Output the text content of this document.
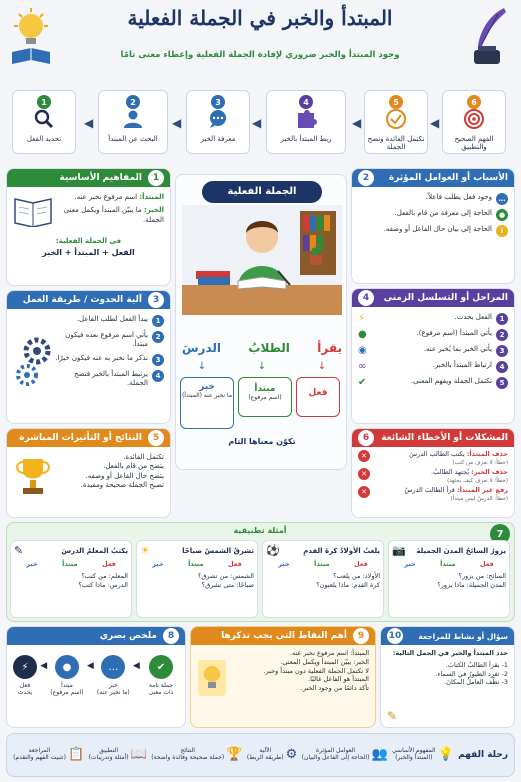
المبتدأ والخبر في الجملة الفعلية
وجود المبتدأ والخبر ضروري لإفادة الجملة الفعلية وإعطاء معنى تامًا
6
الفهم الصحيح والتطبيق
◀
5
تكتمل الفائدة وتصح الجملة
◀
4
ربط المبتدأ بالخبر
◀
3
معرفة الخبر
◀
2
البحث عن المبتدأ
◀
1
تحديد الفعل
1
المفاهيم الأساسية
المبتدأ: اسم مرفوع نخبر عنه.
الخبر: ما يبيّن المبتدأ ويكمل معنى الجملة.
في الجملة الفعلية:
الفعل + المبتدأ + الخبر
الجملة الفعلية
يقرأ
الطلابُ
الدرسَ
↓
↓
↓
فعل
مبتدأ
(اسم مرفوع)
خبر
ما نخبر عنه (المبتدأ)
تكوّن معناها التام
2	الأسباب أو العوامل المؤثرة
…
وجود فعل يطلب فاعلاً.
●
الحاجة إلى معرفة من قام بالفعل.
i
الحاجة إلى بيان حال الفاعل أو وصفه.
3
آلية الحدوث / طريقة العمل
1
يبدأ الفعل لطلب الفاعل.
2
يأتي اسم مرفوع بعده فيكون مبتدأ.
3
نذكر ما نخبر به عنه فيكون خبرًا.
4
يرتبط المبتدأ بالخبر فتصح الجملة.
4	المراحل أو التسلسل الزمني
1
الفعل يحدث.
⚡
2
يأتي المبتدأ (اسم مرفوع).
●
3
يأتي الخبر بما يُخبر عنه.
◉
4
ارتباط المبتدأ بالخبر.
∞
5
تكتمل الجملة ويفهم المعنى.
✔
5
النتائج أو التأثيرات المباشرة
تكتمل الفائدة.
يتضح من قام بالفعل.
يتضح حال الفاعل أو وصفه.
تصبح الجملة صحيحة ومفيدة.
6	المشكلات أو الأخطاء الشائعة
حذف المبتدأ: يكتب الطالب الدرسَ
(خطأ: لا نعرف من كتب)
✕
حذف الخبر: يُجتهد الطالبُ.
(خطأ: لا نعرف كيف يجتهد)
✕
رفع غير المبتدأ: قرأ الطالبَ الدرسُ
(خطأ: الدرسُ ليس مبتدأ)
✕
7
أمثلة تطبيقية
يزورُ السائحُ المدنَ الجميلةَ
📷
فعل
مبتدأ
خبر
السائح: من يزور؟
المدن الجميلة: ماذا يزور؟
يلعبُ الأولادُ كرةَ القدمِ
⚽
فعل
مبتدأ
خبر
الأولاد: من يلعب؟
كرة القدم: ماذا يلعبون؟
تشرقُ الشمسُ صباحًا
☀
فعل
مبتدأ
خبر
الشمس: من تشرق؟
صباحًا: متى تشرق؟
يكتبُ المعلمُ الدرسَ
✎
فعل
مبتدأ
خبر
المعلم: من كتب؟
الدرس: ماذا كتب؟
8
ملخص بصري
✔
جملة تامة ذات معنى
◀
…
خبر
(ما نخبر عنه)
◀
●
مبتدأ
(اسم مرفوع)
◀
⚡
فعل
يحدث
9
أهم النقاط التي يجب تذكرها
المبتدأ: اسم مرفوع نخبر عنه.
الخبر: يبيّن المبتدأ ويكمل المعنى.
لا تكتمل الجملة الفعلية دون مبتدأ وخبر.
المبتدأ هو الفاعل غالبًا.
تأكد دائمًا من وجود الخبر.
10	سؤال أو نشاط للمراجعة
حدد المبتدأ والخبر في الجمل التالية:
1- يقرأ الطالبُ الكتابَ.
2- تغرد الطيورُ في السماء.
3- نظّف العاملُ المكانَ.
✎
رحلة الفهم
💡
المفهوم الأساسي
(المبتدأ والخبر)
👥
العوامل المؤثرة
(الحاجة إلى الفاعل والبيان)
⚙
الآلية
(طريقة الربط)
🏆
النتائج
(جملة صحيحة وفائدة واضحة)
📖
التطبيق
(أمثلة وتدريبات)
📋
المراجعة
(تثبيت الفهم والتقدم)
